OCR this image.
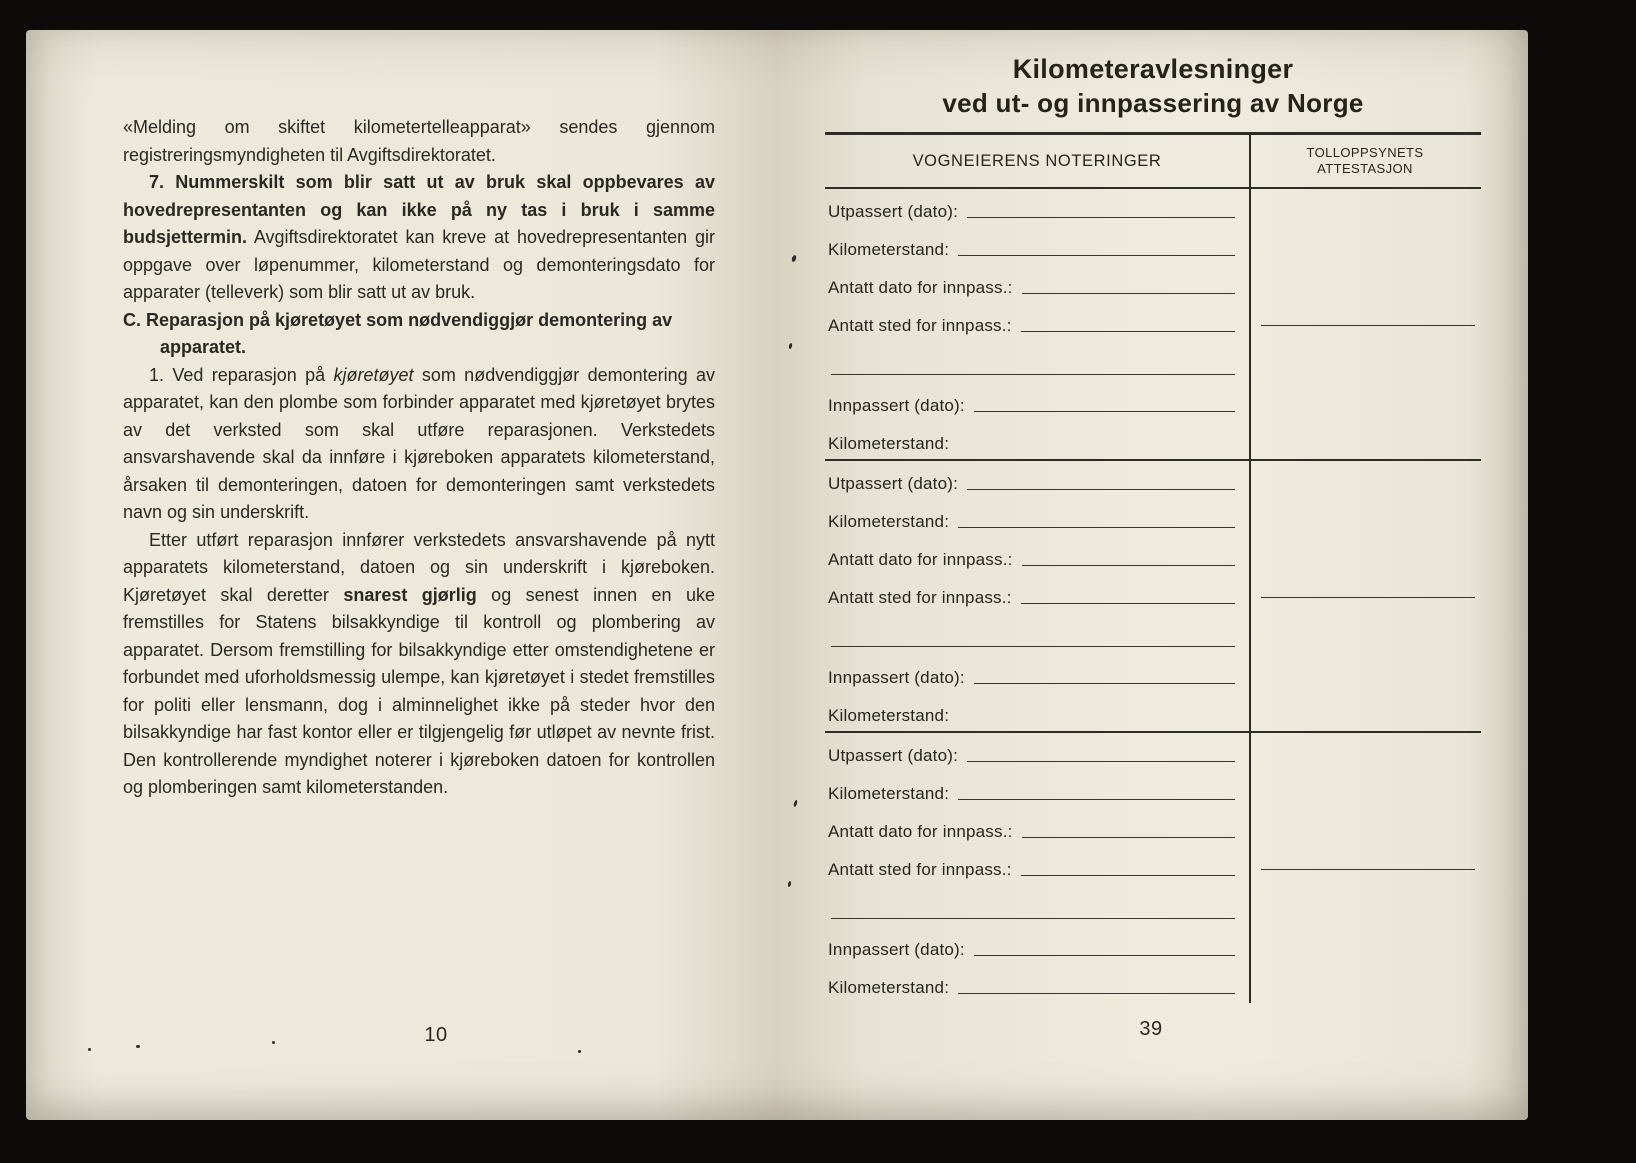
«Melding om skiftet kilometertelleapparat» sendes gjennom registreringsmyndigheten til Avgiftsdirektoratet.

7. Nummerskilt som blir satt ut av bruk skal oppbevares av hovedrepresentanten og kan ikke på ny tas i bruk i samme budsjettermin. Avgiftsdirektoratet kan kreve at hovedrepresentanten gir oppgave over løpenummer, kilometerstand og demonteringsdato for apparater (telleverk) som blir satt ut av bruk.

C. Reparasjon på kjøretøyet som nødvendiggjør demontering av apparatet.

1. Ved reparasjon på kjøretøyet som nødvendiggjør demontering av apparatet, kan den plombe som forbinder apparatet med kjøretøyet brytes av det verksted som skal utføre reparasjonen. Verkstedets ansvarshavende skal da innføre i kjøreboken apparatets kilometerstand, årsaken til demonteringen, datoen for demonteringen samt verkstedets navn og sin underskrift.

Etter utført reparasjon innfører verkstedets ansvarshavende på nytt apparatets kilometerstand, datoen og sin underskrift i kjøreboken. Kjøretøyet skal deretter snarest gjørlig og senest innen en uke fremstilles for Statens bilsakkyndige til kontroll og plombering av apparatet. Dersom fremstilling for bilsakkyndige etter omstendighetene er forbundet med uforholdsmessig ulempe, kan kjøretøyet i stedet fremstilles for politi eller lensmann, dog i alminnelighet ikke på steder hvor den bilsakkyndige har fast kontor eller er tilgjengelig før utløpet av nevnte frist. Den kontrollerende myndighet noterer i kjøreboken datoen for kontrollen og plomberingen samt kilometerstanden.

10
Kilometeravlesninger
ved ut- og innpassering av Norge
VOGNEIERENS NOTERINGER	TOLLOPPSYNETS
ATTESTASJON
Utpassert (dato):
Kilometerstand:
Antatt dato for innpass.:
Antatt sted for innpass.:
Innpassert (dato):
Kilometerstand:
Utpassert (dato):
Kilometerstand:
Antatt dato for innpass.:
Antatt sted for innpass.:
Innpassert (dato):
Kilometerstand:
Utpassert (dato):
Kilometerstand:
Antatt dato for innpass.:
Antatt sted for innpass.:
Innpassert (dato):
Kilometerstand:
39
